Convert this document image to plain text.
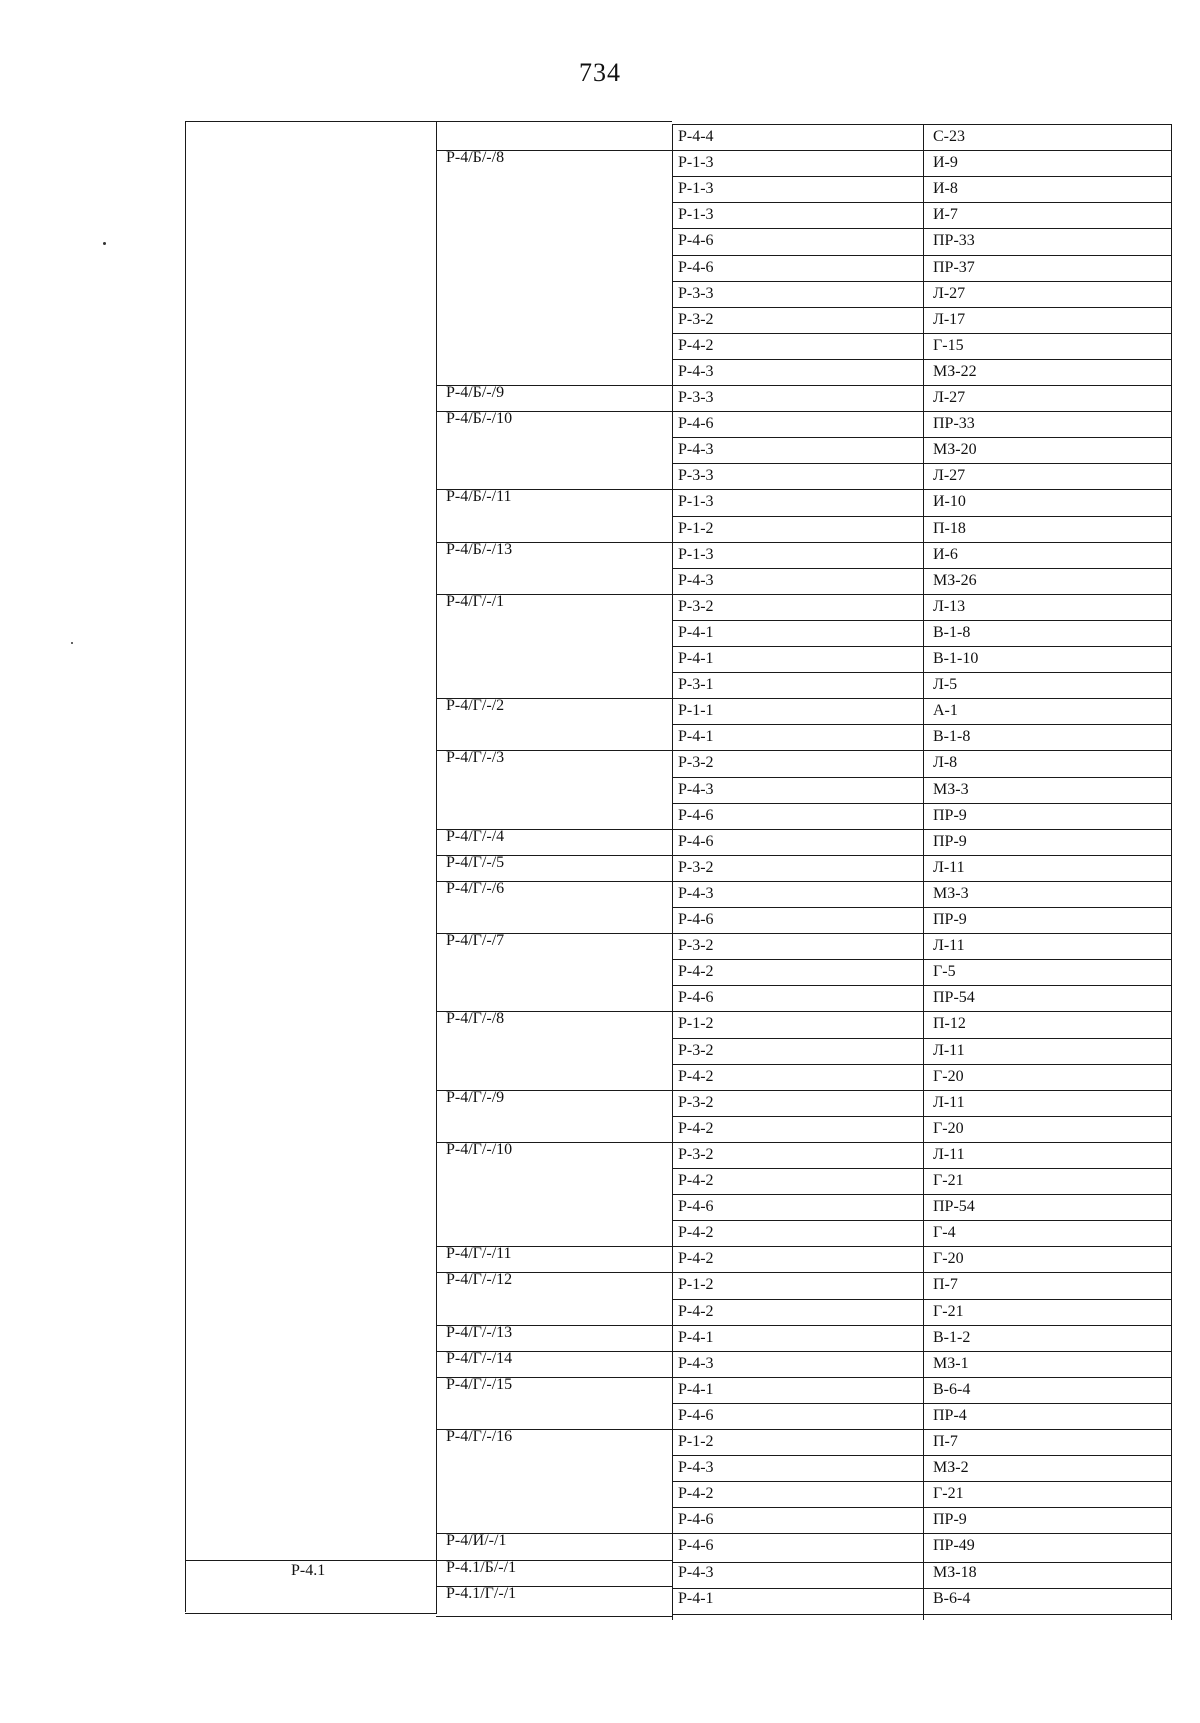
734
Р-4-4	С-23
Р-4/Б/-/8	Р-1-3	И-9
Р-1-3	И-8
Р-1-3	И-7
Р-4-6	ПР-33
Р-4-6	ПР-37
Р-3-3	Л-27
Р-3-2	Л-17
Р-4-2	Г-15
Р-4-3	МЗ-22
Р-4/Б/-/9	Р-3-3	Л-27
Р-4/Б/-/10	Р-4-6	ПР-33
Р-4-3	МЗ-20
Р-3-3	Л-27
Р-4/Б/-/11	Р-1-3	И-10
Р-1-2	П-18
Р-4/Б/-/13	Р-1-3	И-6
Р-4-3	МЗ-26
Р-4/Г/-/1	Р-3-2	Л-13
Р-4-1	В-1-8
Р-4-1	В-1-10
Р-3-1	Л-5
Р-4/Г/-/2	Р-1-1	А-1
Р-4-1	В-1-8
Р-4/Г/-/3	Р-3-2	Л-8
Р-4-3	МЗ-3
Р-4-6	ПР-9
Р-4/Г/-/4	Р-4-6	ПР-9
Р-4/Г/-/5	Р-3-2	Л-11
Р-4/Г/-/6	Р-4-3	МЗ-3
Р-4-6	ПР-9
Р-4/Г/-/7	Р-3-2	Л-11
Р-4-2	Г-5
Р-4-6	ПР-54
Р-4/Г/-/8	Р-1-2	П-12
Р-3-2	Л-11
Р-4-2	Г-20
Р-4/Г/-/9	Р-3-2	Л-11
Р-4-2	Г-20
Р-4/Г/-/10	Р-3-2	Л-11
Р-4-2	Г-21
Р-4-6	ПР-54
Р-4-2	Г-4
Р-4/Г/-/11	Р-4-2	Г-20
Р-4/Г/-/12	Р-1-2	П-7
Р-4-2	Г-21
Р-4/Г/-/13	Р-4-1	В-1-2
Р-4/Г/-/14	Р-4-3	МЗ-1
Р-4/Г/-/15	Р-4-1	В-6-4
Р-4-6	ПР-4
Р-4/Г/-/16	Р-1-2	П-7
Р-4-3	МЗ-2
Р-4-2	Г-21
Р-4-6	ПР-9
Р-4/И/-/1	Р-4-6	ПР-49
Р-4.1	Р-4.1/Б/-/1	Р-4-3	МЗ-18
Р-4.1/Г/-/1	Р-4-1	В-6-4
